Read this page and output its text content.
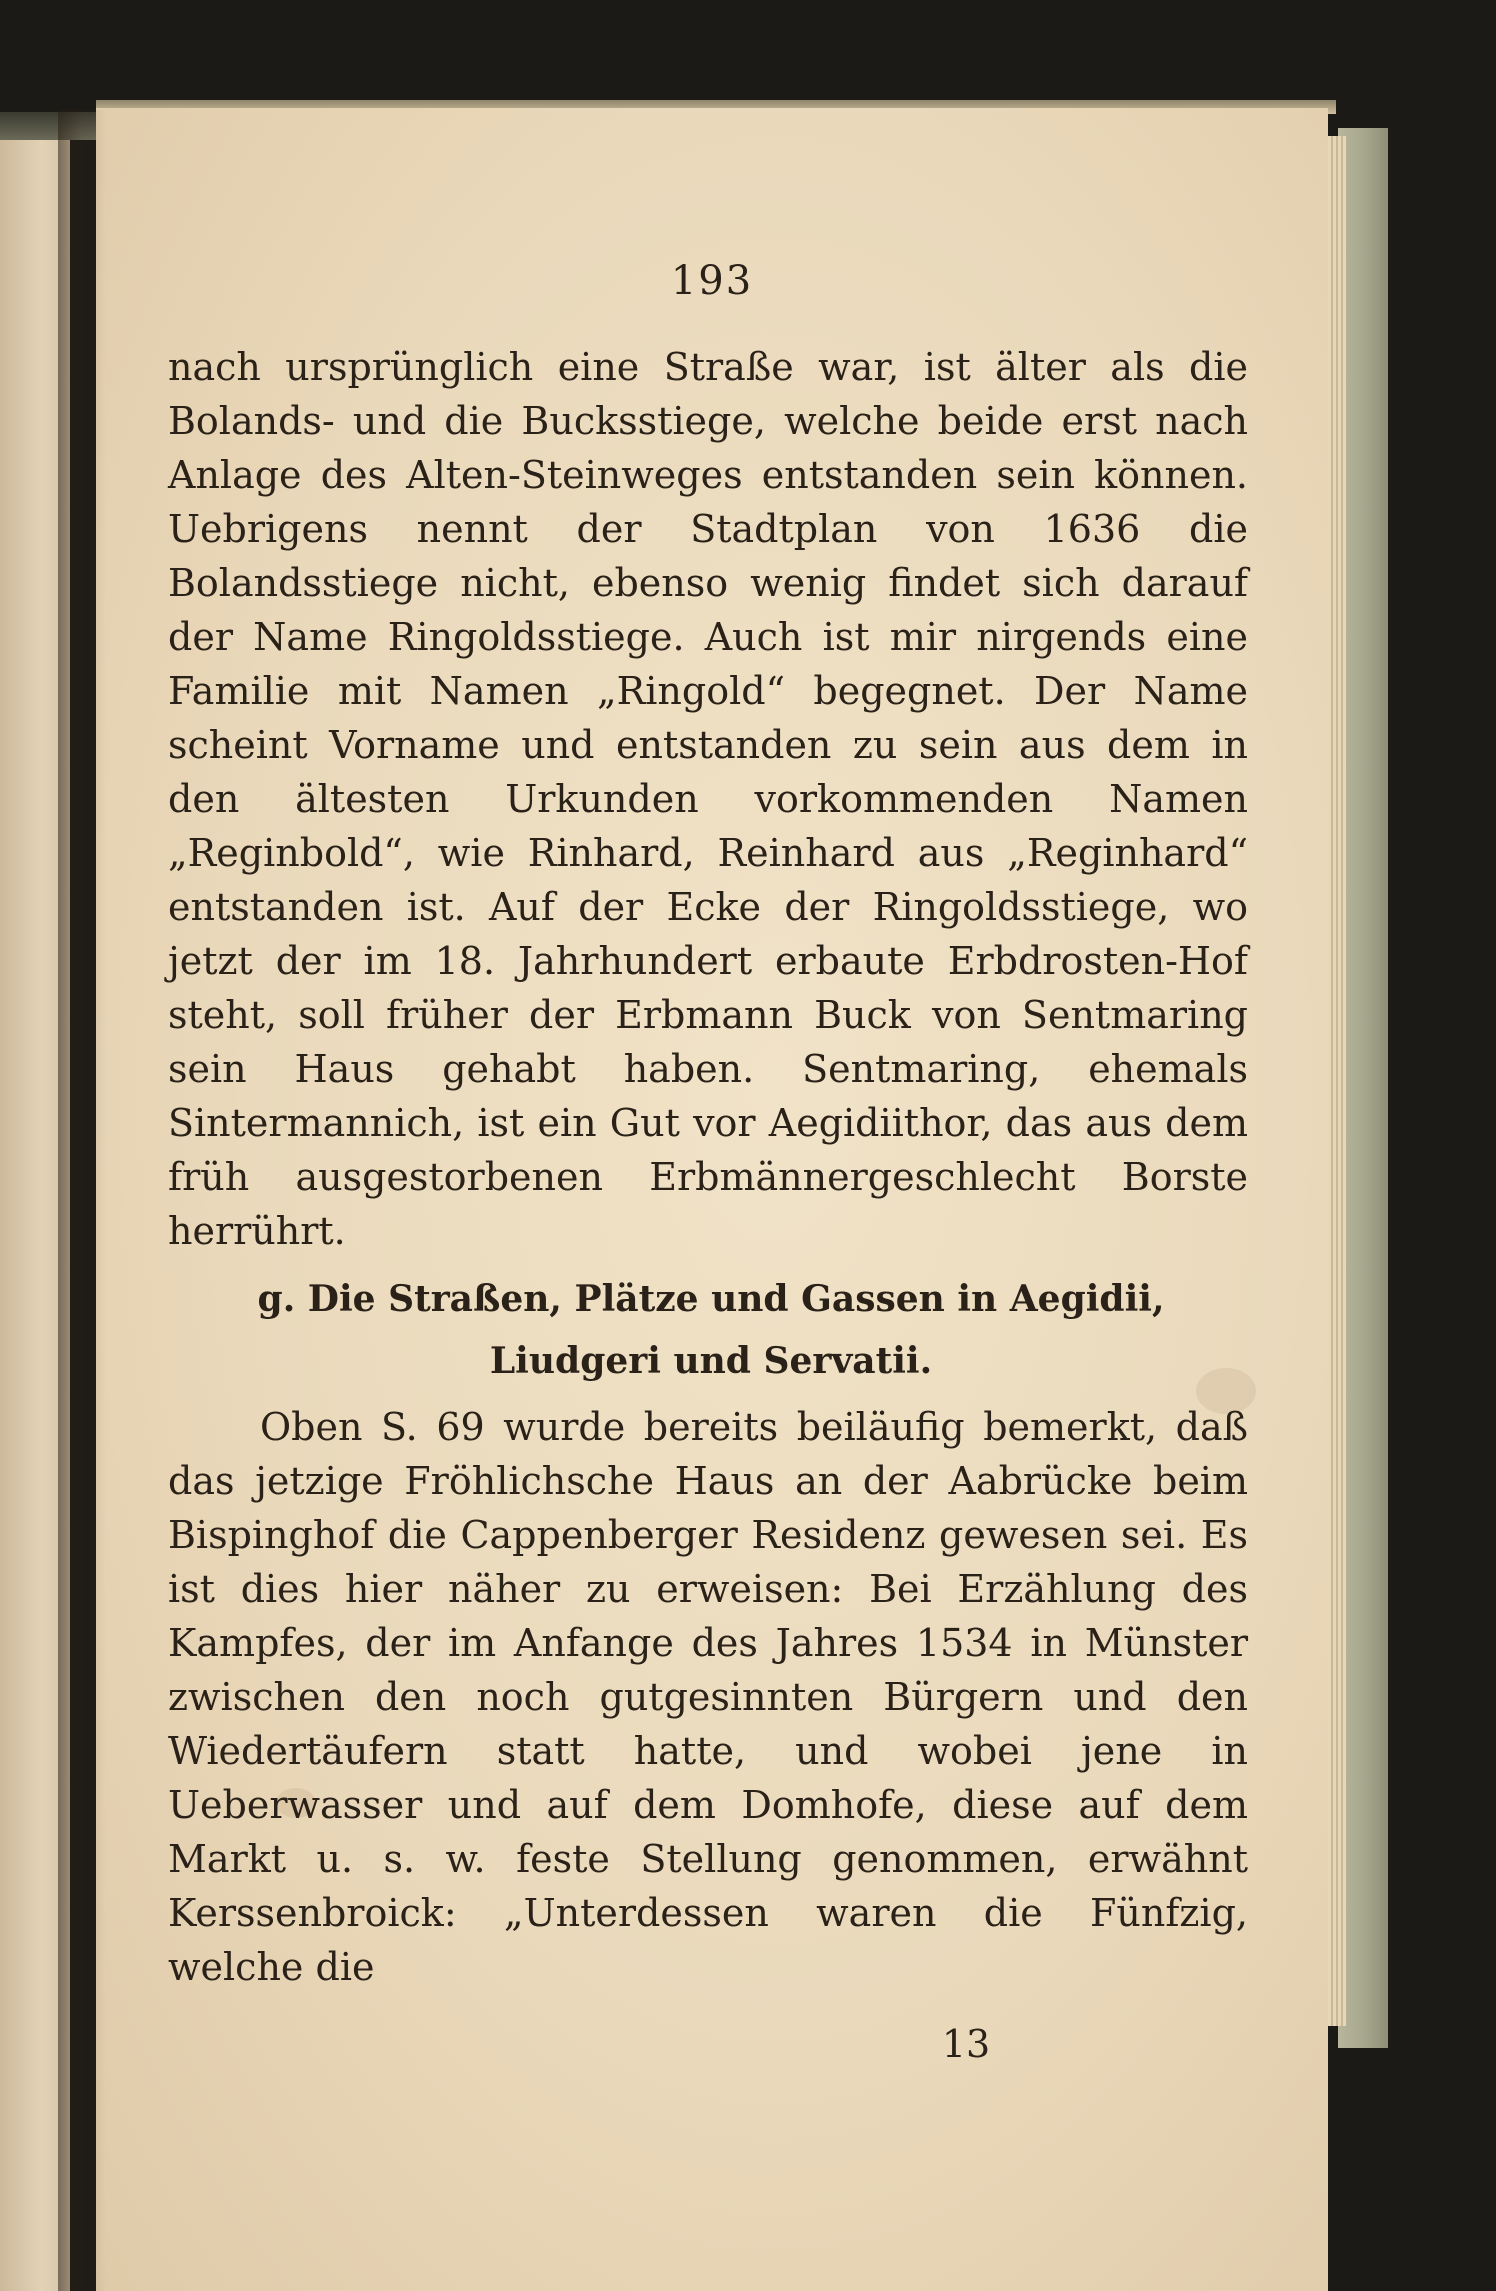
193
nach ursprünglich eine Straße war, ist älter als die Bolands- und die Bucksstiege, welche beide erst nach Anlage des Alten-Steinweges entstanden sein können. Uebrigens nennt der Stadtplan von 1636 die Bolandsstiege nicht, ebenso wenig findet sich darauf der Name Ringoldsstiege. Auch ist mir nirgends eine Familie mit Namen „Ringold“ begegnet. Der Name scheint Vorname und entstanden zu sein aus dem in den ältesten Urkunden vorkommenden Namen „Reginbold“, wie Rinhard, Reinhard aus „Reginhard“ entstanden ist. Auf der Ecke der Ringoldsstiege, wo jetzt der im 18. Jahrhundert erbaute Erbdrosten-Hof steht, soll früher der Erbmann Buck von Sentmaring sein Haus gehabt haben. Sentmaring, ehemals Sintermannich, ist ein Gut vor Aegidiithor, das aus dem früh ausgestorbenen Erbmännergeschlecht Borste herrührt.
g. Die Straßen, Plätze und Gassen in Aegidii,
Liudgeri und Servatii.
Oben S. 69 wurde bereits beiläufig bemerkt, daß das jetzige Fröhlichsche Haus an der Aabrücke beim Bispinghof die Cappenberger Residenz gewesen sei. Es ist dies hier näher zu erweisen: Bei Erzählung des Kampfes, der im Anfange des Jahres 1534 in Münster zwischen den noch gutgesinnten Bürgern und den Wiedertäufern statt hatte, und wobei jene in Ueberwasser und auf dem Domhofe, diese auf dem Markt u. s. w. feste Stellung genommen, erwähnt Kerssenbroick: „Unterdessen waren die Fünfzig, welche die
13
